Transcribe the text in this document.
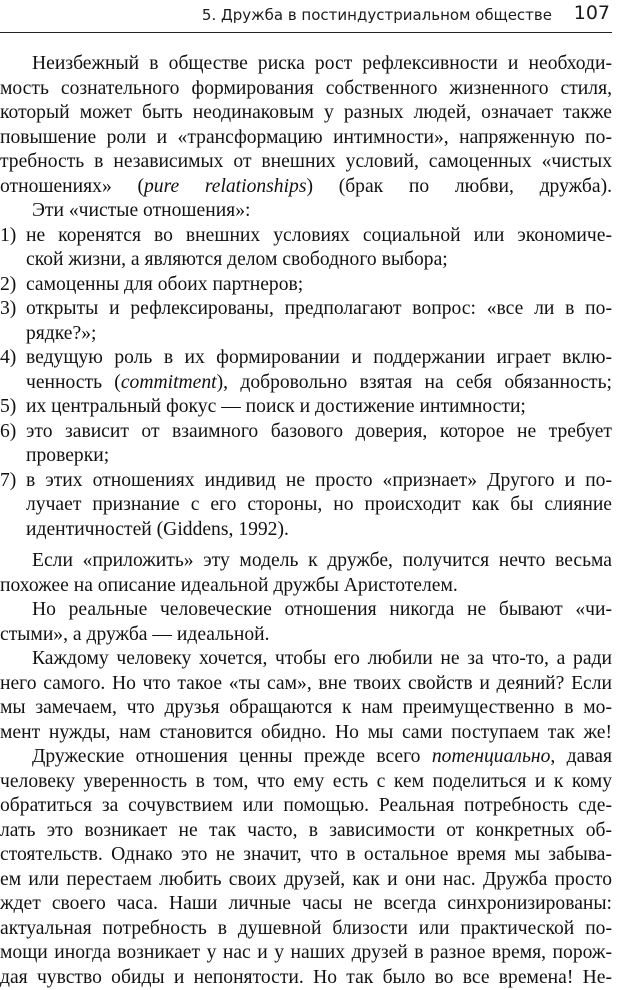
5. Дружба в постиндустриальном обществе 107
Неизбежный в обществе риска рост рефлексивности и необходи-
мость сознательного формирования собственного жизненного стиля,
который может быть неодинаковым у разных людей, означает также
повышение роли и «трансформацию интимности», напряженную по-
требность в независимых от внешних условий, самоценных «чистых
отношениях» (pure relationships) (брак по любви, дружба).
Эти «чистые отношения»:
1) не коренятся во внешних условиях социальной или экономиче-
ской жизни, а являются делом свободного выбора;
2) самоценны для обоих партнеров;
3) открыты и рефлексированы, предполагают вопрос: «все ли в по-
рядке?»;
4) ведущую роль в их формировании и поддержании играет вклю-
ченность (commitment), добровольно взятая на себя обязанность;
5) их центральный фокус — поиск и достижение интимности;
6) это зависит от взаимного базового доверия, которое не требует
проверки;
7) в этих отношениях индивид не просто «признает» Другого и по-
лучает признание с его стороны, но происходит как бы слияние
идентичностей (Giddens, 1992).
Если «приложить» эту модель к дружбе, получится нечто весьма
похожее на описание идеальной дружбы Аристотелем.
Но реальные человеческие отношения никогда не бывают «чи-
стыми», а дружба — идеальной.
Каждому человеку хочется, чтобы его любили не за что-то, а ради
него самого. Но что такое «ты сам», вне твоих свойств и деяний? Если
мы замечаем, что друзья обращаются к нам преимущественно в мо-
мент нужды, нам становится обидно. Но мы сами поступаем так же!
Дружеские отношения ценны прежде всего потенциально, давая
человеку уверенность в том, что ему есть с кем поделиться и к кому
обратиться за сочувствием или помощью. Реальная потребность сде-
лать это возникает не так часто, в зависимости от конкретных об-
стоятельств. Однако это не значит, что в остальное время мы забыва-
ем или перестаем любить своих друзей, как и они нас. Дружба просто
ждет своего часа. Наши личные часы не всегда синхронизированы:
актуальная потребность в душевной близости или практической по-
мощи иногда возникает у нас и у наших друзей в разное время, порож-
дая чувство обиды и непонятости. Но так было во все времена! Не-
